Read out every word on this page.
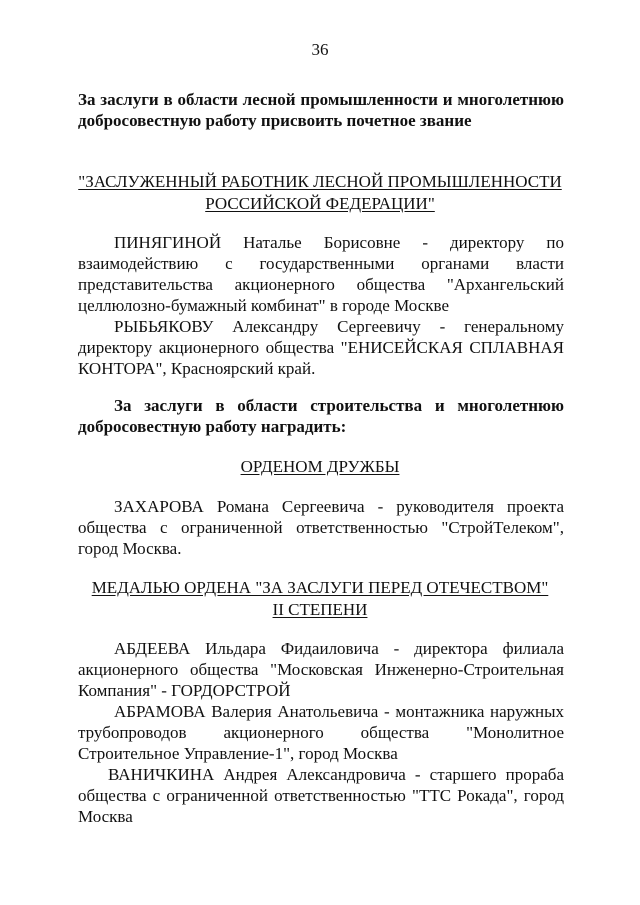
36
За заслуги в области лесной промышленности и многолетнюю добросовестную работу присвоить почетное звание
"ЗАСЛУЖЕННЫЙ РАБОТНИК ЛЕСНОЙ ПРОМЫШЛЕННОСТИ
РОССИЙСКОЙ ФЕДЕРАЦИИ"
ПИНЯГИНОЙ Наталье Борисовне - директору по взаимодействию с государственными органами власти представительства акционерного общества "Архангельский целлюлозно-бумажный комбинат" в городе Москве
РЫБЬЯКОВУ Александру Сергеевичу - генеральному директору акционерного общества "ЕНИСЕЙСКАЯ СПЛАВНАЯ КОНТОРА", Красноярский край.
За заслуги в области строительства и многолетнюю добросовестную работу наградить:
ОРДЕНОМ ДРУЖБЫ
ЗАХАРОВА Романа Сергеевича - руководителя проекта общества с ограниченной ответственностью "СтройТелеком", город Москва.
МЕДАЛЬЮ ОРДЕНА "ЗА ЗАСЛУГИ ПЕРЕД ОТЕЧЕСТВОМ"
II СТЕПЕНИ
АБДЕЕВА Ильдара Фидаиловича - директора филиала акционерного общества "Московская Инженерно-Строительная Компания" - ГОРДОРСТРОЙ
АБРАМОВА Валерия Анатольевича - монтажника наружных трубопроводов акционерного общества "Монолитное Строительное Управление-1", город Москва
ВАНИЧКИНА Андрея Александровича - старшего прораба общества с ограниченной ответственностью "ТТС Рокада", город Москва
